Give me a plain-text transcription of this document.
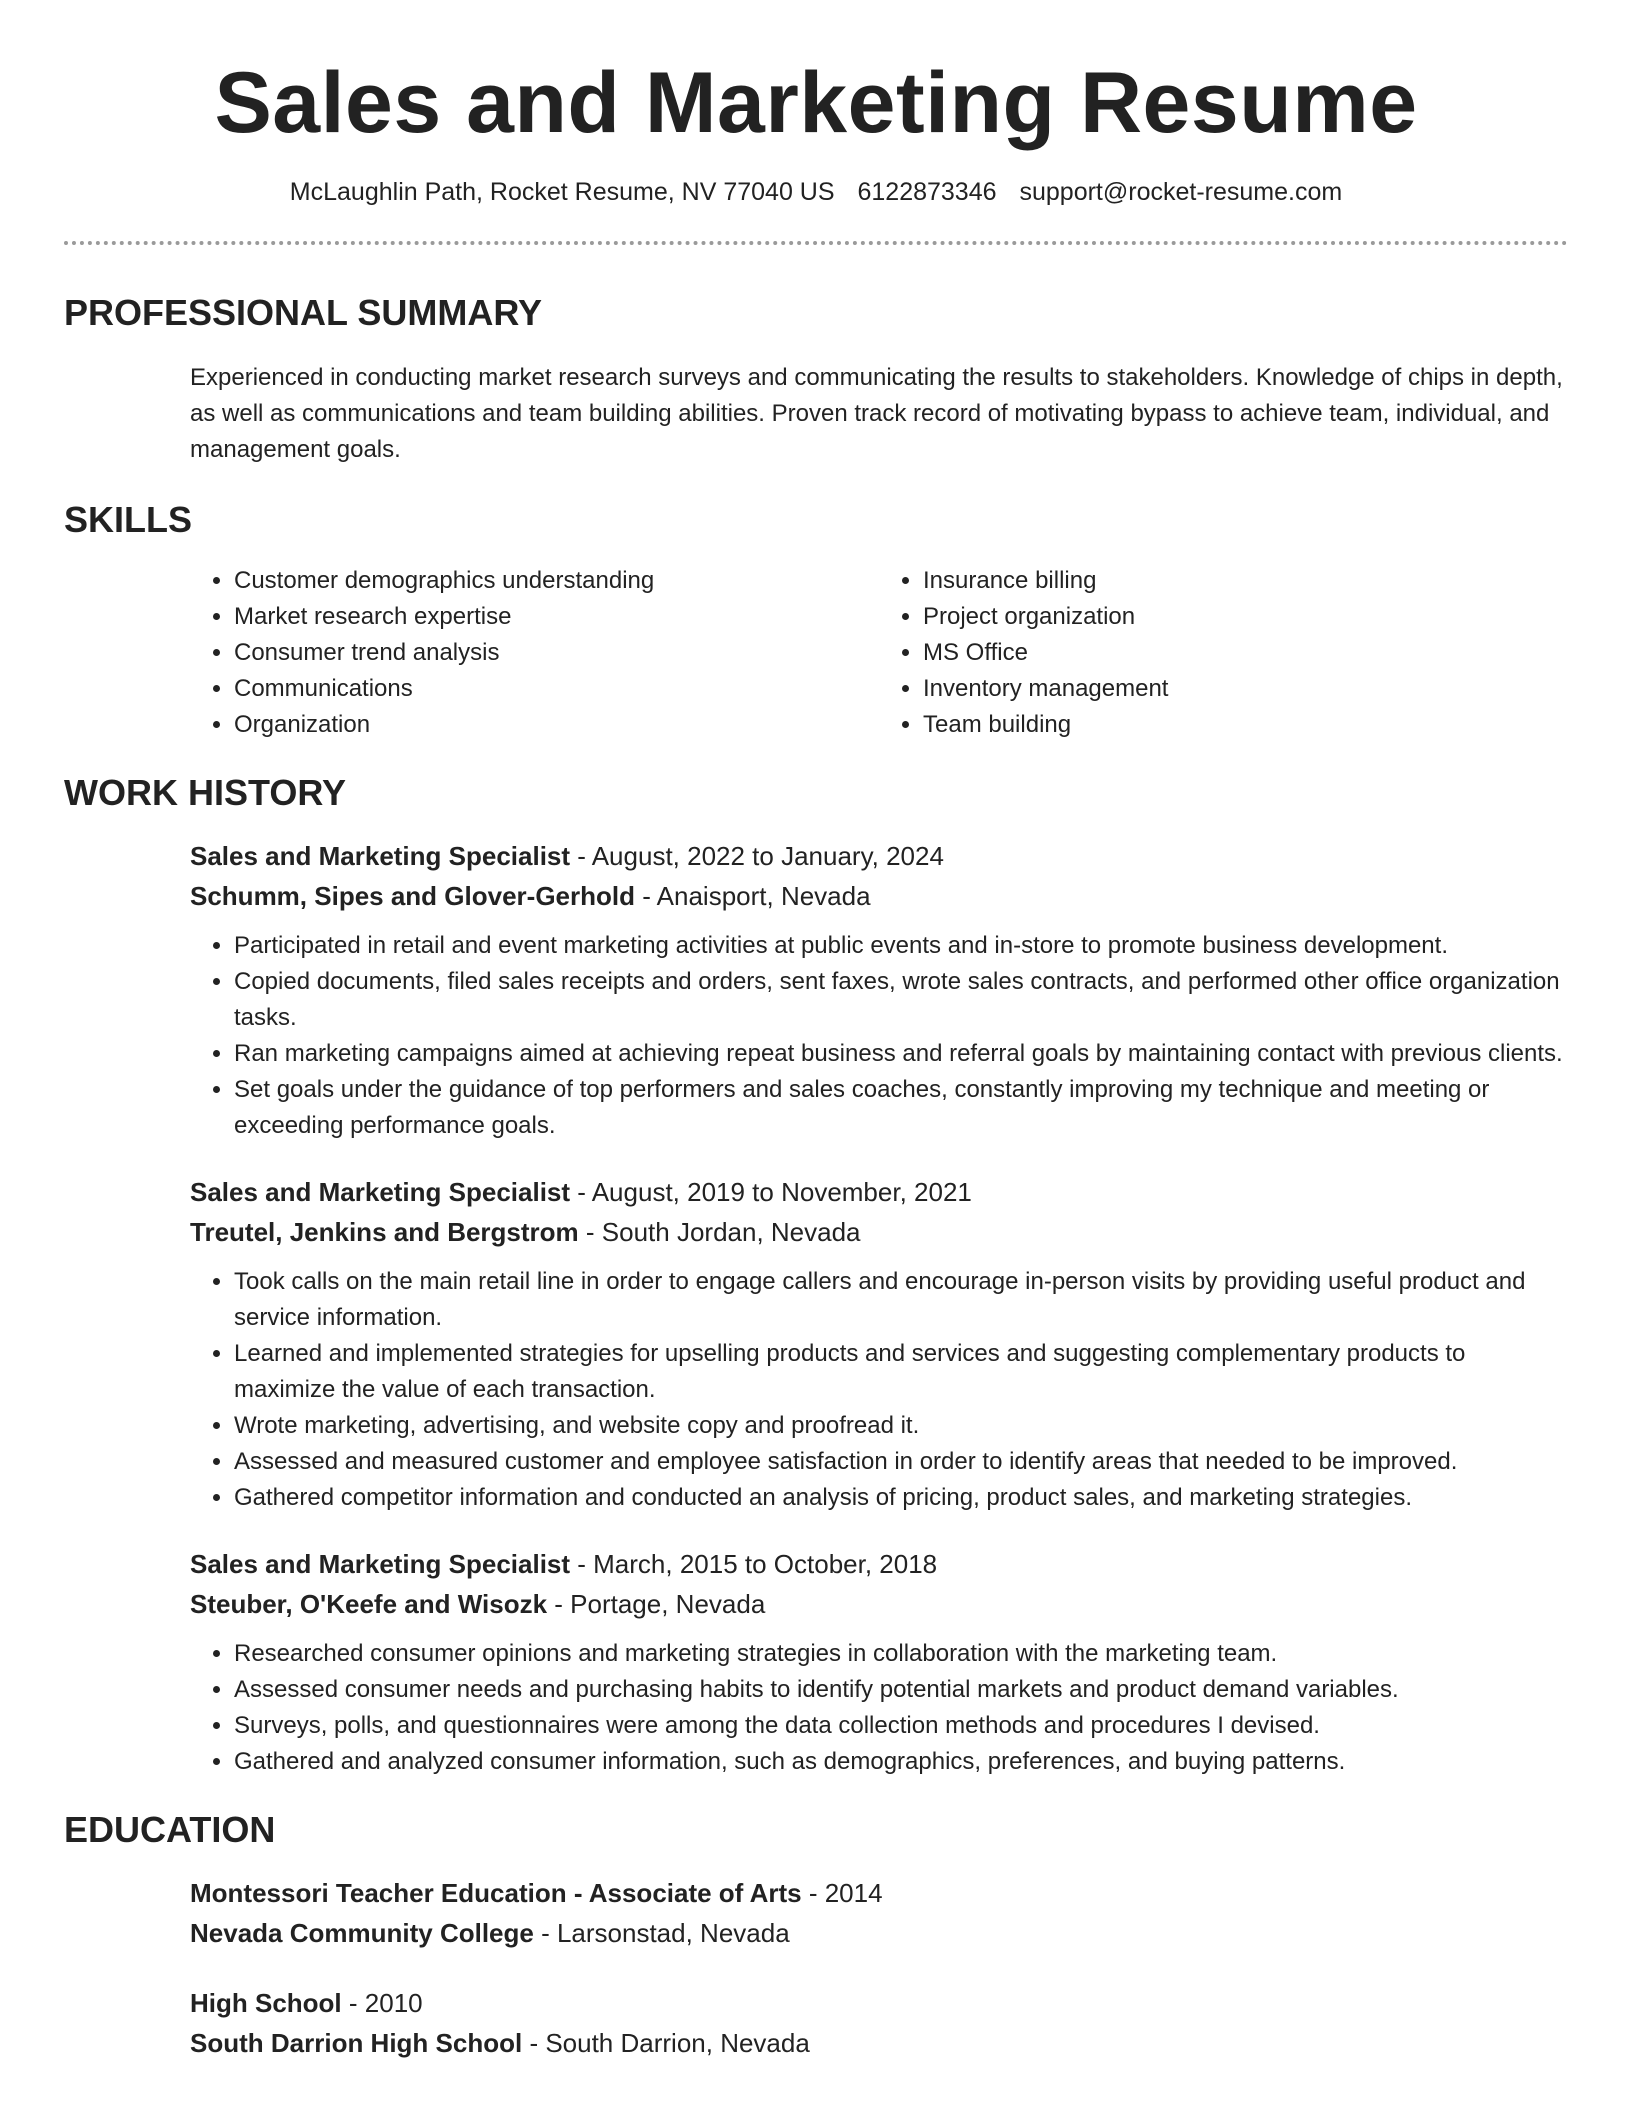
Sales and Marketing Resume
McLaughlin Path, Rocket Resume, NV 77040 US 6122873346 support@rocket-resume.com
PROFESSIONAL SUMMARY
Experienced in conducting market research surveys and communicating the results to stakeholders. Knowledge of chips in depth, as well as communications and team building abilities. Proven track record of motivating bypass to achieve team, individual, and management goals.
SKILLS
• Customer demographics understanding
• Market research expertise
• Consumer trend analysis
• Communications
• Organization
• Insurance billing
• Project organization
• MS Office
• Inventory management
• Team building
WORK HISTORY
Sales and Marketing Specialist - August, 2022 to January, 2024
Schumm, Sipes and Glover-Gerhold - Anaisport, Nevada
• Participated in retail and event marketing activities at public events and in-store to promote business development.
• Copied documents, filed sales receipts and orders, sent faxes, wrote sales contracts, and performed other office organization tasks.
• Ran marketing campaigns aimed at achieving repeat business and referral goals by maintaining contact with previous clients.
• Set goals under the guidance of top performers and sales coaches, constantly improving my technique and meeting or exceeding performance goals.
Sales and Marketing Specialist - August, 2019 to November, 2021
Treutel, Jenkins and Bergstrom - South Jordan, Nevada
• Took calls on the main retail line in order to engage callers and encourage in-person visits by providing useful product and service information.
• Learned and implemented strategies for upselling products and services and suggesting complementary products to maximize the value of each transaction.
• Wrote marketing, advertising, and website copy and proofread it.
• Assessed and measured customer and employee satisfaction in order to identify areas that needed to be improved.
• Gathered competitor information and conducted an analysis of pricing, product sales, and marketing strategies.
Sales and Marketing Specialist - March, 2015 to October, 2018
Steuber, O'Keefe and Wisozk - Portage, Nevada
• Researched consumer opinions and marketing strategies in collaboration with the marketing team.
• Assessed consumer needs and purchasing habits to identify potential markets and product demand variables.
• Surveys, polls, and questionnaires were among the data collection methods and procedures I devised.
• Gathered and analyzed consumer information, such as demographics, preferences, and buying patterns.
EDUCATION
Montessori Teacher Education - Associate of Arts - 2014
Nevada Community College - Larsonstad, Nevada
High School - 2010
South Darrion High School - South Darrion, Nevada
